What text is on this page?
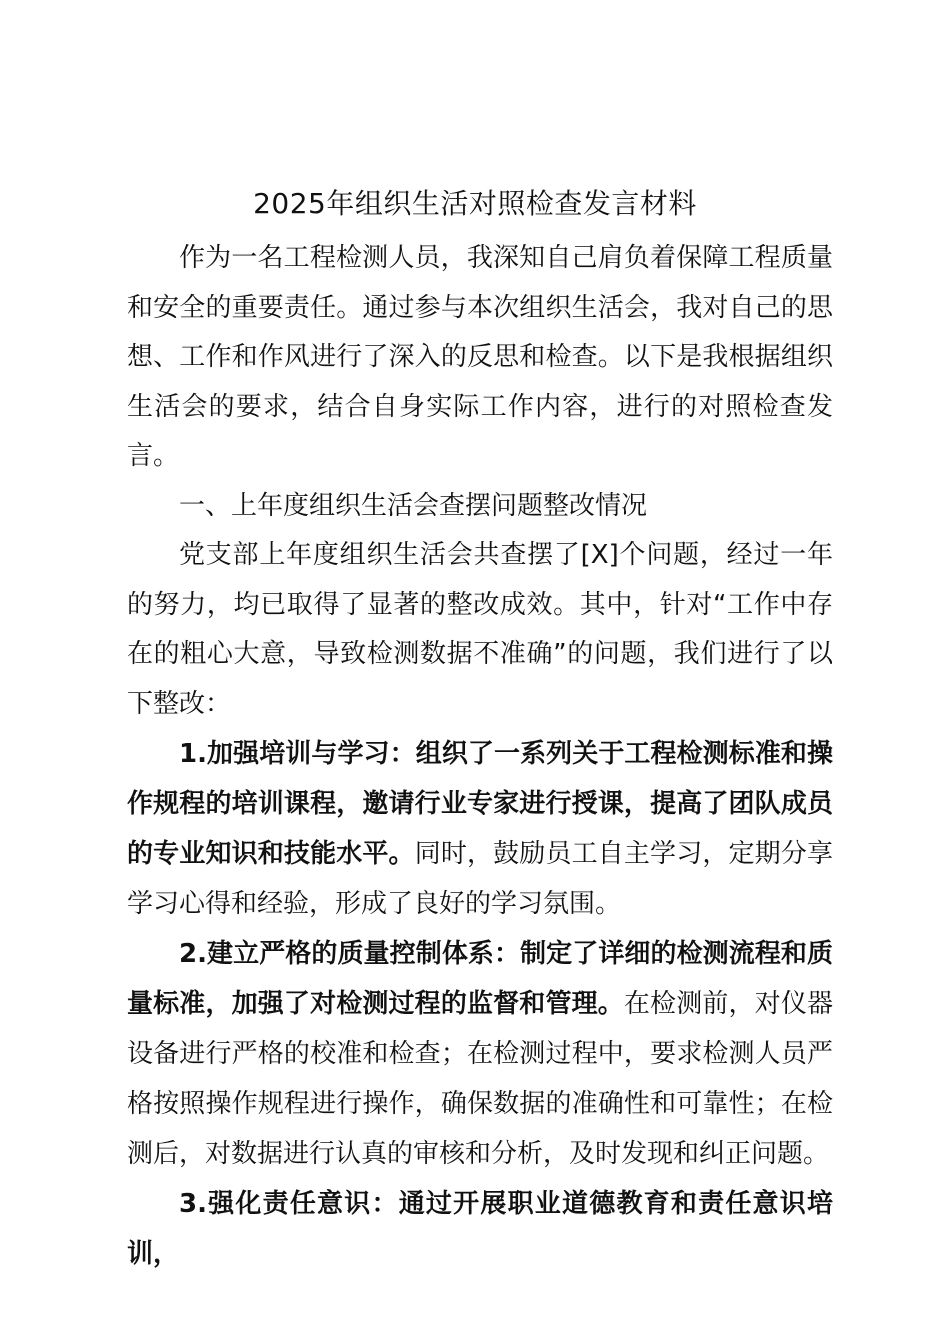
2025年组织生活对照检查发言材料

作为一名工程检测人员，我深知自己肩负着保障工程质量和安全的重要责任。通过参与本次组织生活会，我对自己的思想、工作和作风进行了深入的反思和检查。以下是我根据组织生活会的要求，结合自身实际工作内容，进行的对照检查发言。

一、上年度组织生活会查摆问题整改情况

党支部上年度组织生活会共查摆了[X]个问题，经过一年的努力，均已取得了显著的整改成效。其中，针对“工作中存在的粗心大意，导致检测数据不准确”的问题，我们进行了以下整改：

1.加强培训与学习：组织了一系列关于工程检测标准和操作规程的培训课程，邀请行业专家进行授课，提高了团队成员的专业知识和技能水平。同时，鼓励员工自主学习，定期分享学习心得和经验，形成了良好的学习氛围。

2.建立严格的质量控制体系：制定了详细的检测流程和质量标准，加强了对检测过程的监督和管理。在检测前，对仪器设备进行严格的校准和检查；在检测过程中，要求检测人员严格按照操作规程进行操作，确保数据的准确性和可靠性；在检测后，对数据进行认真的审核和分析，及时发现和纠正问题。

3.强化责任意识：通过开展职业道德教育和责任意识培训，
